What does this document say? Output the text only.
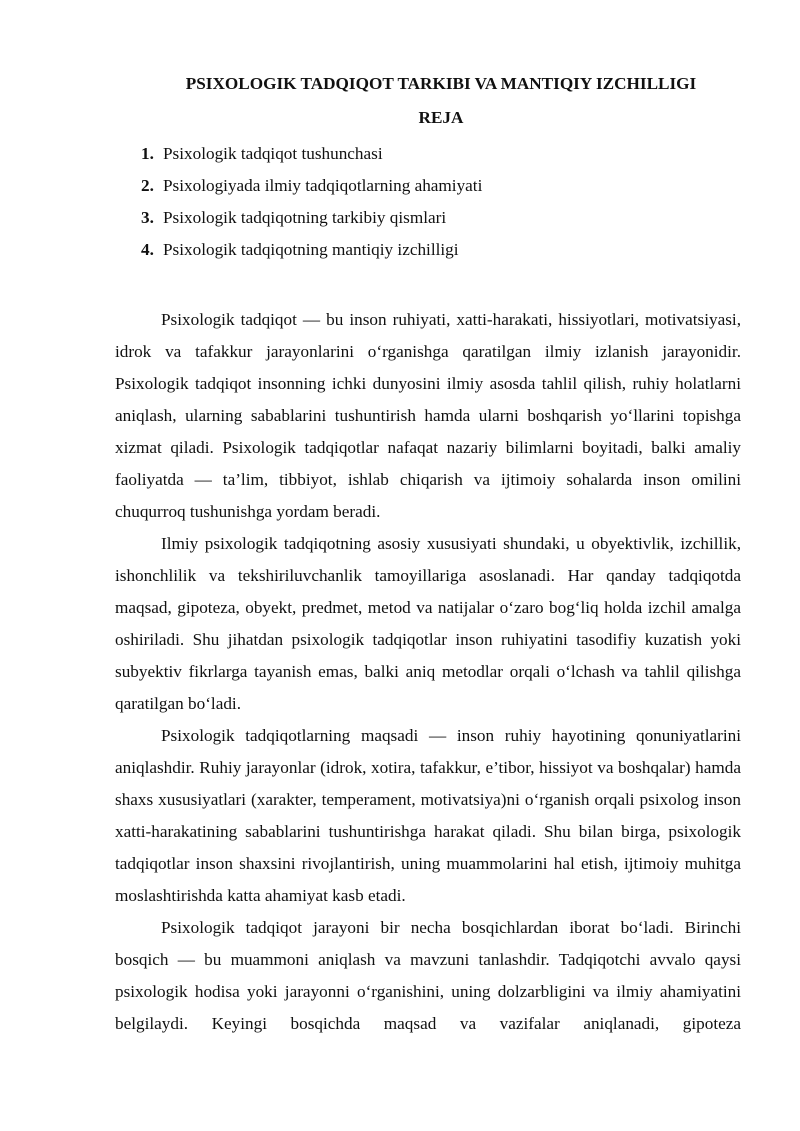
PSIXOLOGIK TADQIQOT TARKIBI VA MANTIQIY IZCHILLIGI
REJA
1. Psixologik tadqiqot tushunchasi
2. Psixologiyada ilmiy tadqiqotlarning ahamiyati
3. Psixologik tadqiqotning tarkibiy qismlari
4. Psixologik tadqiqotning mantiqiy izchilligi

Psixologik tadqiqot — bu inson ruhiyati, xatti-harakati, hissiyotlari, motivatsiyasi, idrok va tafakkur jarayonlarini o‘rganishga qaratilgan ilmiy izlanish jarayonidir. Psixologik tadqiqot insonning ichki dunyosini ilmiy asosda tahlil qilish, ruhiy holatlarni aniqlash, ularning sabablarini tushuntirish hamda ularni boshqarish yo‘llarini topishga xizmat qiladi. Psixologik tadqiqotlar nafaqat nazariy bilimlarni boyitadi, balki amaliy faoliyatda — ta’lim, tibbiyot, ishlab chiqarish va ijtimoiy sohalarda inson omilini chuqurroq tushunishga yordam beradi.

Ilmiy psixologik tadqiqotning asosiy xususiyati shundaki, u obyektivlik, izchillik, ishonchlilik va tekshiriluvchanlik tamoyillariga asoslanadi. Har qanday tadqiqotda maqsad, gipoteza, obyekt, predmet, metod va natijalar o‘zaro bog‘liq holda izchil amalga oshiriladi. Shu jihatdan psixologik tadqiqotlar inson ruhiyatini tasodifiy kuzatish yoki subyektiv fikrlarga tayanish emas, balki aniq metodlar orqali o‘lchash va tahlil qilishga qaratilgan bo‘ladi.

Psixologik tadqiqotlarning maqsadi — inson ruhiy hayotining qonuniyatlarini aniqlashdir. Ruhiy jarayonlar (idrok, xotira, tafakkur, e’tibor, hissiyot va boshqalar) hamda shaxs xususiyatlari (xarakter, temperament, motivatsiya)ni o‘rganish orqali psixolog inson xatti-harakatining sabablarini tushuntirishga harakat qiladi. Shu bilan birga, psixologik tadqiqotlar inson shaxsini rivojlantirish, uning muammolarini hal etish, ijtimoiy muhitga moslashtirishda katta ahamiyat kasb etadi.

Psixologik tadqiqot jarayoni bir necha bosqichlardan iborat bo‘ladi. Birinchi bosqich — bu muammoni aniqlash va mavzuni tanlashdir. Tadqiqotchi avvalo qaysi psixologik hodisa yoki jarayonni o‘rganishini, uning dolzarbligini va ilmiy ahamiyatini belgilaydi. Keyingi bosqichda maqsad va vazifalar aniqlanadi, gipoteza
